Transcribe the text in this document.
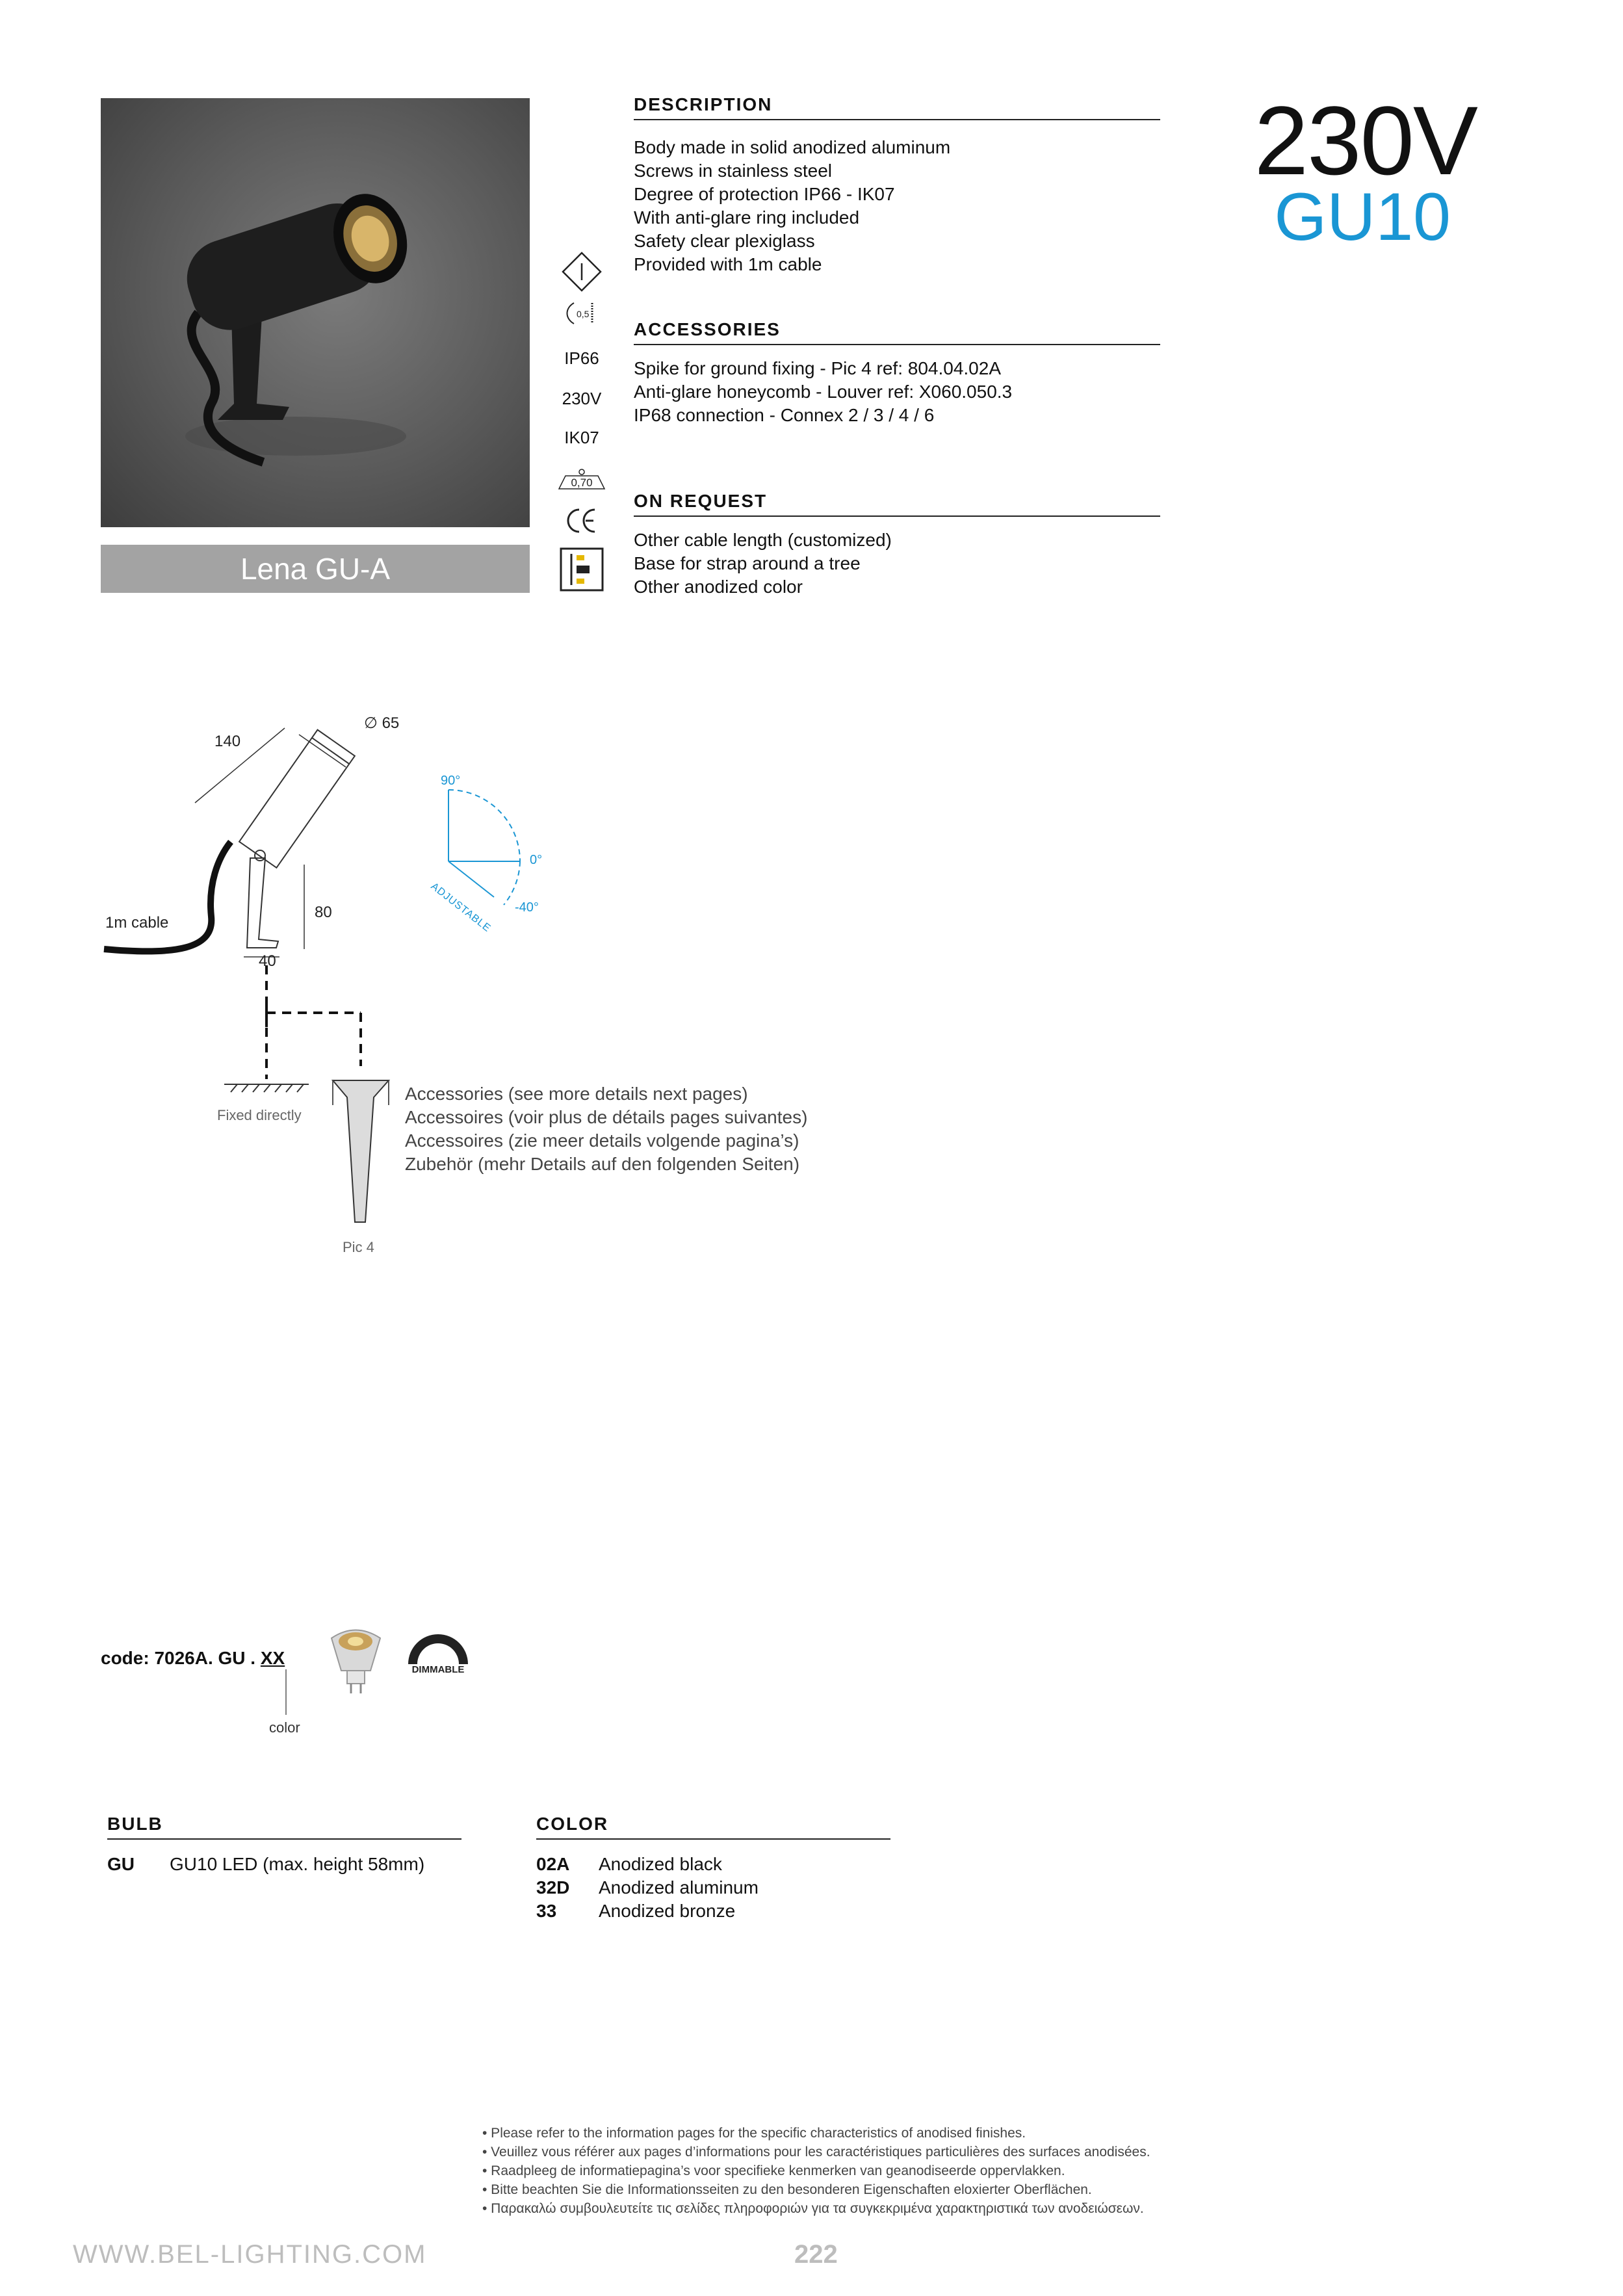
Lena GU-A
0,5
IP66
230V
IK07
0,70
DESCRIPTION
Body made in solid anodized aluminum
Screws in stainless steel
Degree of protection IP66 - IK07
With anti-glare ring included
Safety clear plexiglass
Provided with 1m cable
ACCESSORIES
Spike for ground fixing - Pic 4 ref: 804.04.02A
Anti-glare honeycomb - Louver ref: X060.050.3
IP68 connection - Connex 2 / 3 / 4 / 6
ON REQUEST
Other cable length (customized)
Base for strap around a tree
Other anodized color
230V
GU10
140
∅ 65
80
40
1m cable
90°
0°
-40°
ADJUSTABLE
Fixed directly
Pic 4
Accessories (see more details next pages)
Accessoires (voir plus de détails pages suivantes)
Accessoires (zie meer details volgende pagina’s)
Zubehör (mehr Details auf den folgenden Seiten)
code: 7026A. GU . XX
color
DIMMABLE
BULB
GU	GU10 LED (max. height 58mm)
COLOR
02A	Anodized black
32D	Anodized aluminum
33	Anodized bronze
• Please refer to the information pages for the specific characteristics of anodised finishes.
• Veuillez vous référer aux pages d’informations pour les caractéristiques particulières des surfaces anodisées.
• Raadpleeg de informatiepagina’s voor specifieke kenmerken van geanodiseerde oppervlakken.
• Bitte beachten Sie die Informationsseiten zu den besonderen Eigenschaften eloxierter Oberflächen.
• Παρακαλώ συμβουλευτείτε τις σελίδες πληροφοριών για τα συγκεκριμένα χαρακτηριστικά των ανοδειώσεων.
WWW.BEL-LIGHTING.COM	222
